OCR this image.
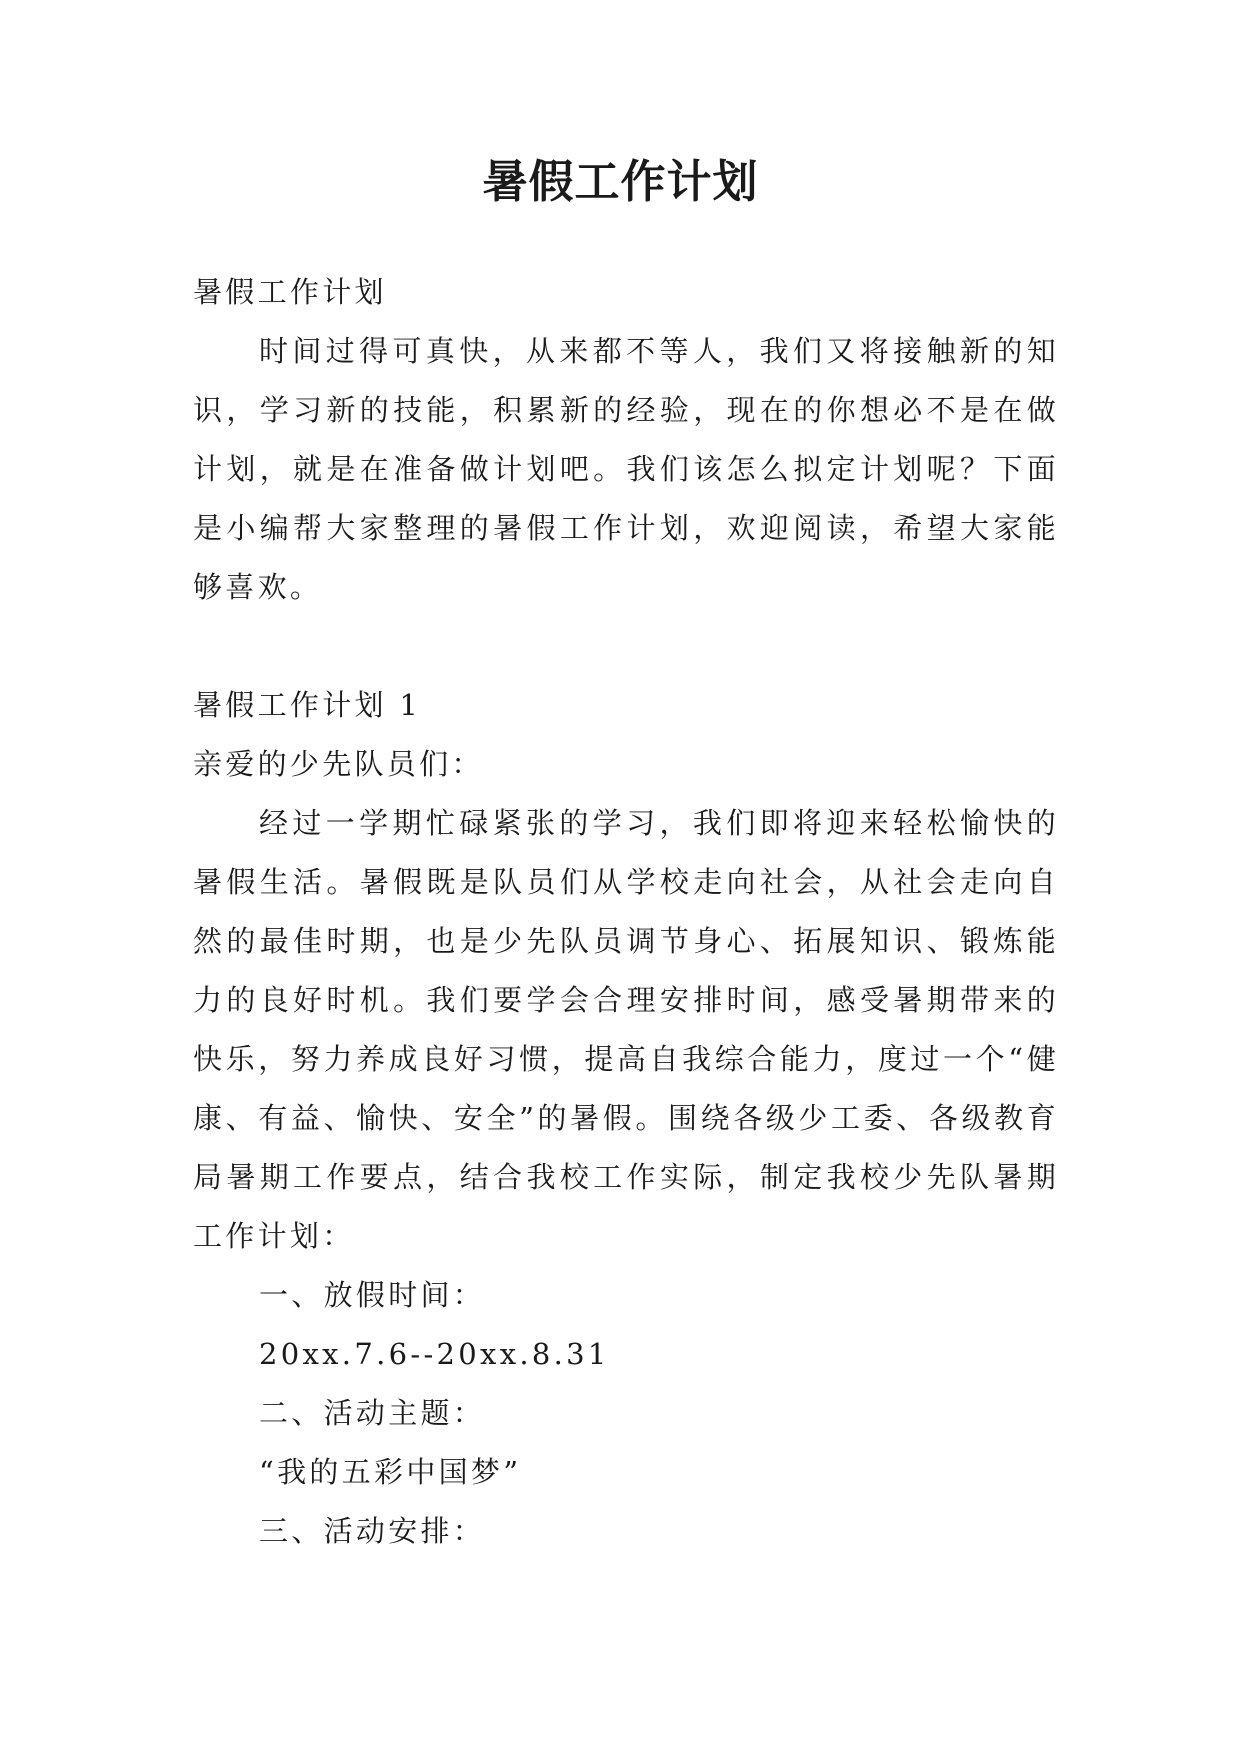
暑假工作计划

暑假工作计划

时间过得可真快，从来都不等人，我们又将接触新的知识，学习新的技能，积累新的经验，现在的你想必不是在做计划，就是在准备做计划吧。我们该怎么拟定计划呢？下面是小编帮大家整理的暑假工作计划，欢迎阅读，希望大家能够喜欢。

暑假工作计划 1

亲爱的少先队员们：

经过一学期忙碌紧张的学习，我们即将迎来轻松愉快的暑假生活。暑假既是队员们从学校走向社会，从社会走向自然的最佳时期，也是少先队员调节身心、拓展知识、锻炼能力的良好时机。我们要学会合理安排时间，感受暑期带来的快乐，努力养成良好习惯，提高自我综合能力，度过一个“健康、有益、愉快、安全”的暑假。围绕各级少工委、各级教育局暑期工作要点，结合我校工作实际，制定我校少先队暑期工作计划：

一、放假时间：

20xx.7.6--20xx.8.31

二、活动主题：

“我的五彩中国梦”

三、活动安排：
